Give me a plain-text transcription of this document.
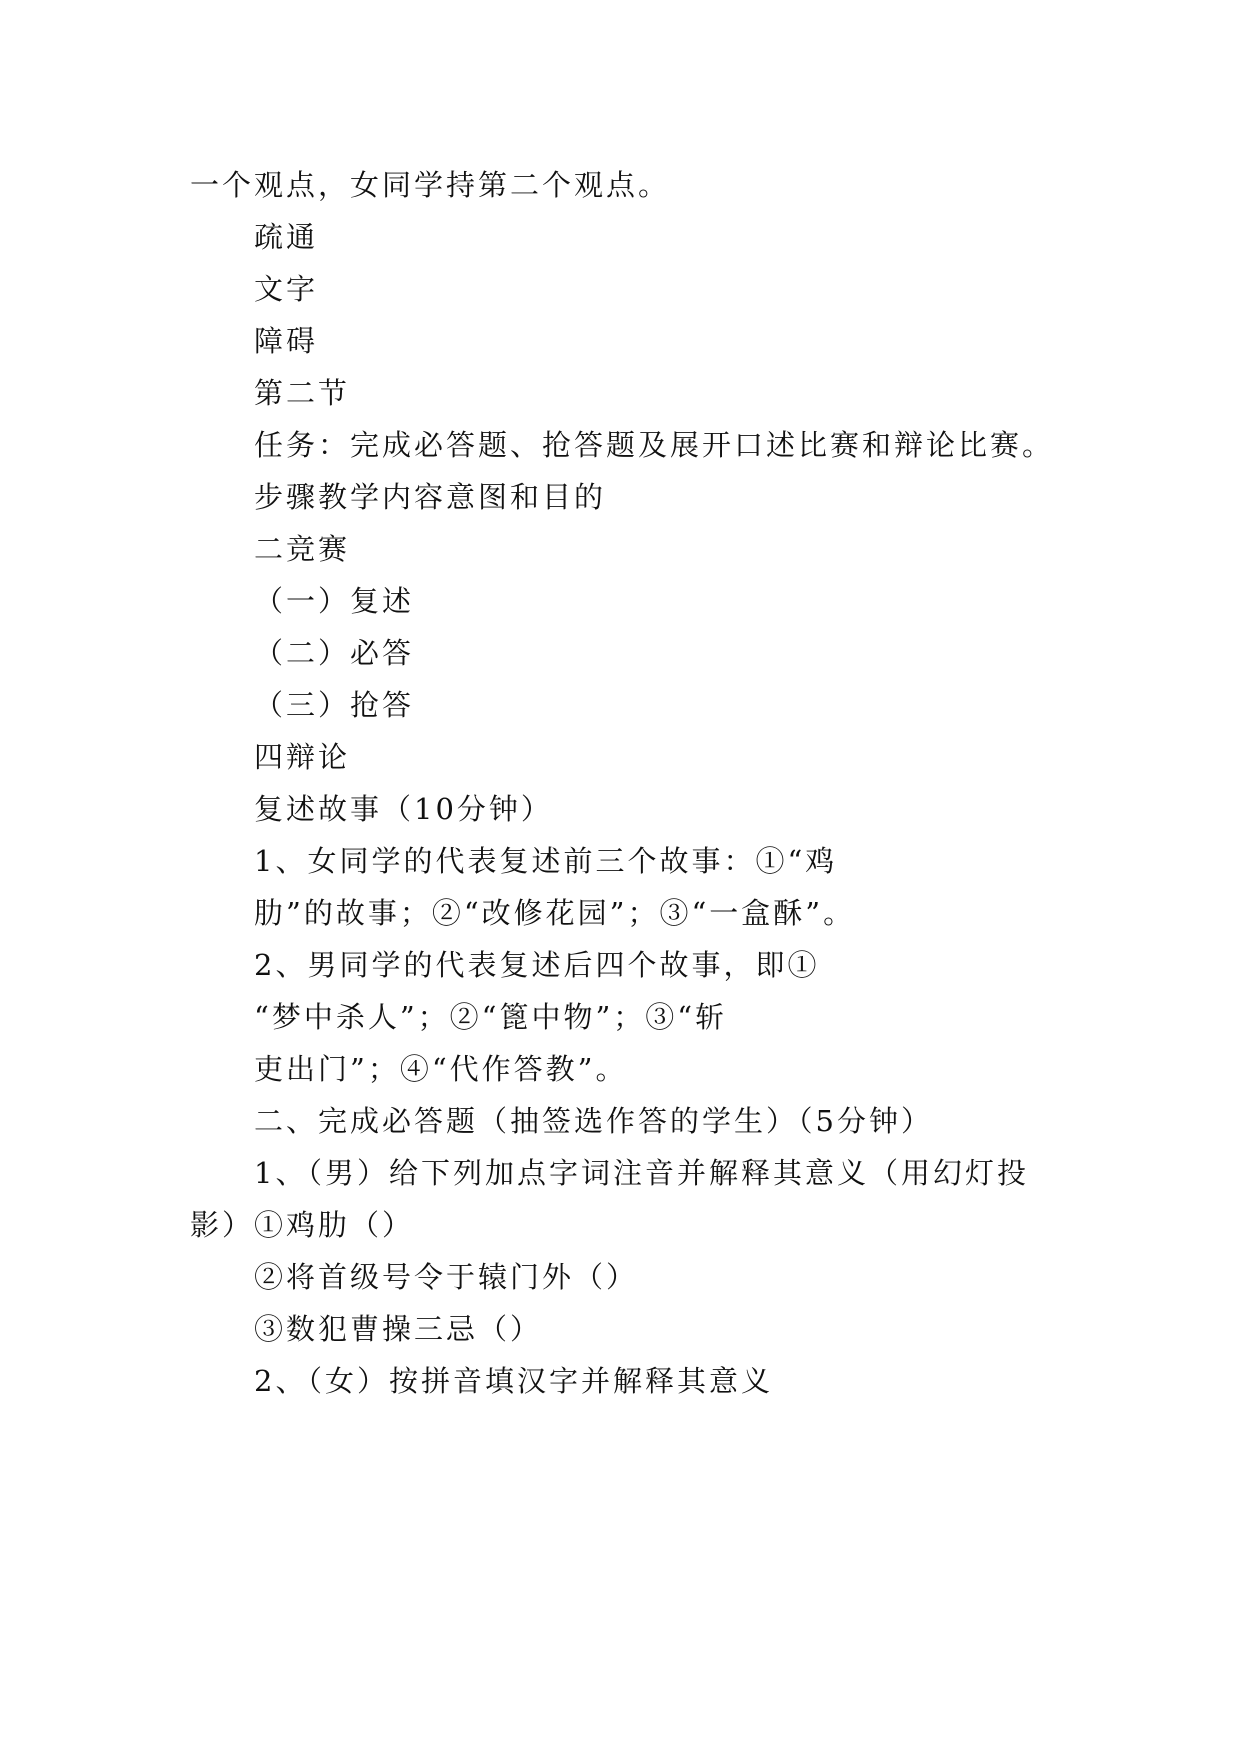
一个观点，女同学持第二个观点。
疏通
文字
障碍
第二节
任务：完成必答题、抢答题及展开口述比赛和辩论比赛。
步骤教学内容意图和目的
二竞赛
（一）复述
（二）必答
（三）抢答
四辩论
复述故事（10分钟）
1、女同学的代表复述前三个故事：①“鸡
肋”的故事；②“改修花园”；③“一盒酥”。
2、男同学的代表复述后四个故事，即①
“梦中杀人”；②“篦中物”；③“斩
吏出门”；④“代作答教”。
二、完成必答题（抽签选作答的学生）（5分钟）
1、（男）给下列加点字词注音并解释其意义（用幻灯投
影）①鸡肋（）
②将首级号令于辕门外（）
③数犯曹操三忌（）
2、（女）按拼音填汉字并解释其意义
